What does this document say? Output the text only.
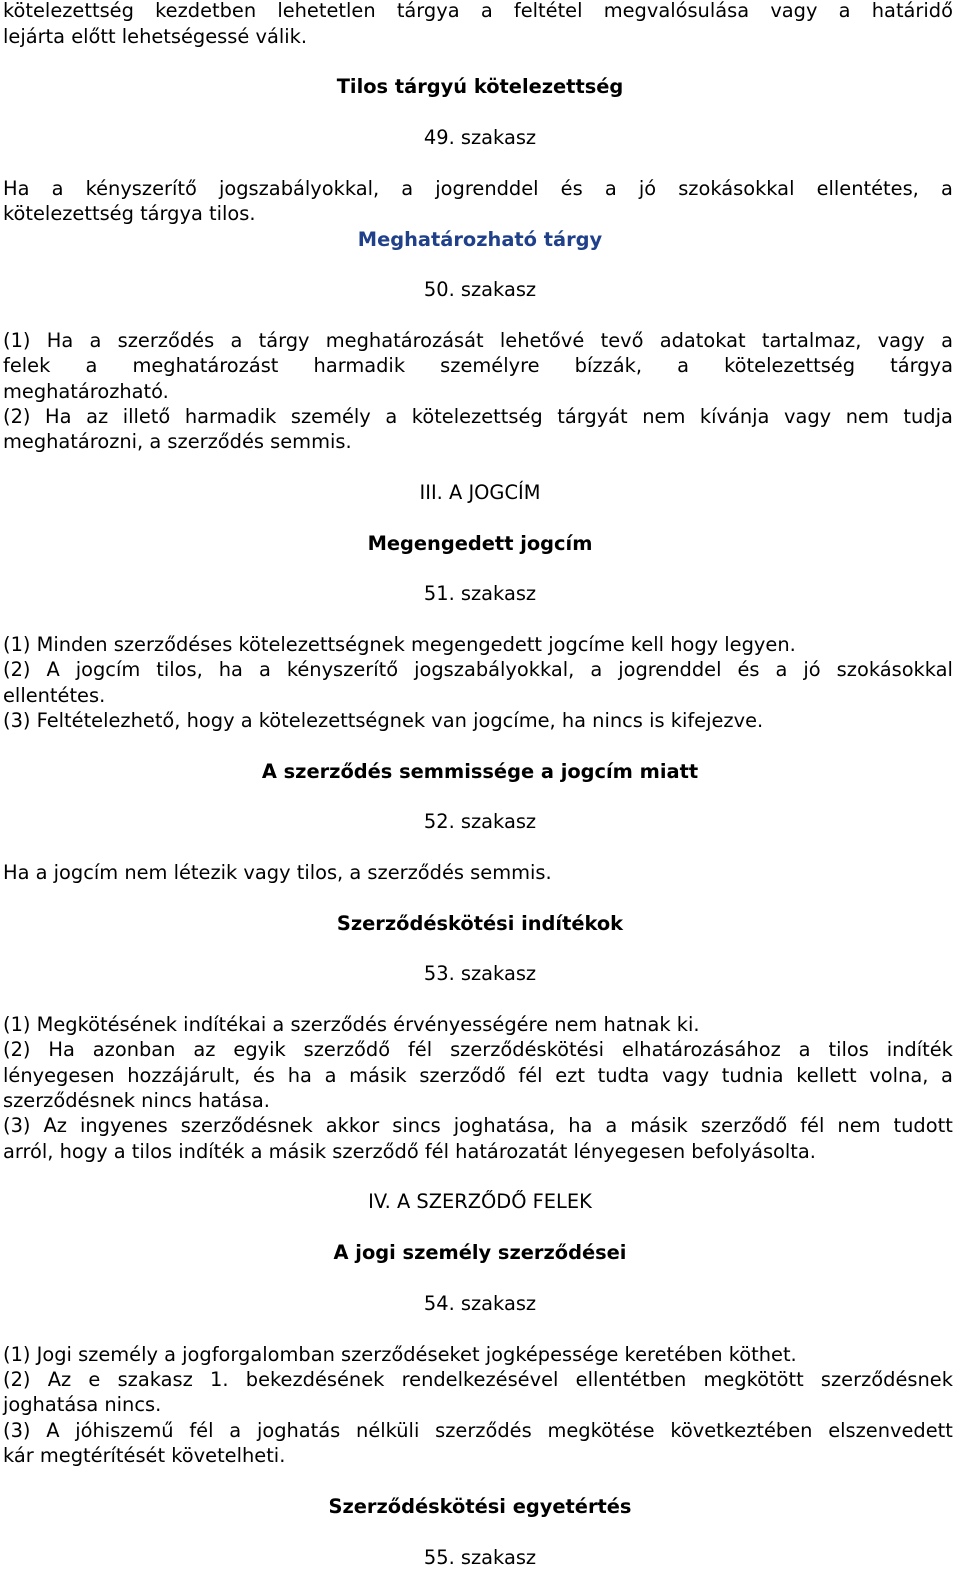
kötelezettség kezdetben lehetetlen tárgya a feltétel megvalósulása vagy a határidő
lejárta előtt lehetségessé válik.
Tilos tárgyú kötelezettség
49. szakasz
Ha a kényszerítő jogszabályokkal, a jogrenddel és a jó szokásokkal ellentétes, a
kötelezettség tárgya tilos.
Meghatározható tárgy
50. szakasz
(1) Ha a szerződés a tárgy meghatározását lehetővé tevő adatokat tartalmaz, vagy a
felek a meghatározást harmadik személyre bízzák, a kötelezettség tárgya
meghatározható.
(2) Ha az illető harmadik személy a kötelezettség tárgyát nem kívánja vagy nem tudja
meghatározni, a szerződés semmis.
III. A JOGCÍM
Megengedett jogcím
51. szakasz
(1) Minden szerződéses kötelezettségnek megengedett jogcíme kell hogy legyen.
(2) A jogcím tilos, ha a kényszerítő jogszabályokkal, a jogrenddel és a jó szokásokkal
ellentétes.
(3) Feltételezhető, hogy a kötelezettségnek van jogcíme, ha nincs is kifejezve.
A szerződés semmissége a jogcím miatt
52. szakasz
Ha a jogcím nem létezik vagy tilos, a szerződés semmis.
Szerződéskötési indítékok
53. szakasz
(1) Megkötésének indítékai a szerződés érvényességére nem hatnak ki.
(2) Ha azonban az egyik szerződő fél szerződéskötési elhatározásához a tilos indíték
lényegesen hozzájárult, és ha a másik szerződő fél ezt tudta vagy tudnia kellett volna, a
szerződésnek nincs hatása.
(3) Az ingyenes szerződésnek akkor sincs joghatása, ha a másik szerződő fél nem tudott
arról, hogy a tilos indíték a másik szerződő fél határozatát lényegesen befolyásolta.
IV. A SZERZŐDŐ FELEK
A jogi személy szerződései
54. szakasz
(1) Jogi személy a jogforgalomban szerződéseket jogképessége keretében köthet.
(2) Az e szakasz 1. bekezdésének rendelkezésével ellentétben megkötött szerződésnek
joghatása nincs.
(3) A jóhiszemű fél a joghatás nélküli szerződés megkötése következtében elszenvedett
kár megtérítését követelheti.
Szerződéskötési egyetértés
55. szakasz
